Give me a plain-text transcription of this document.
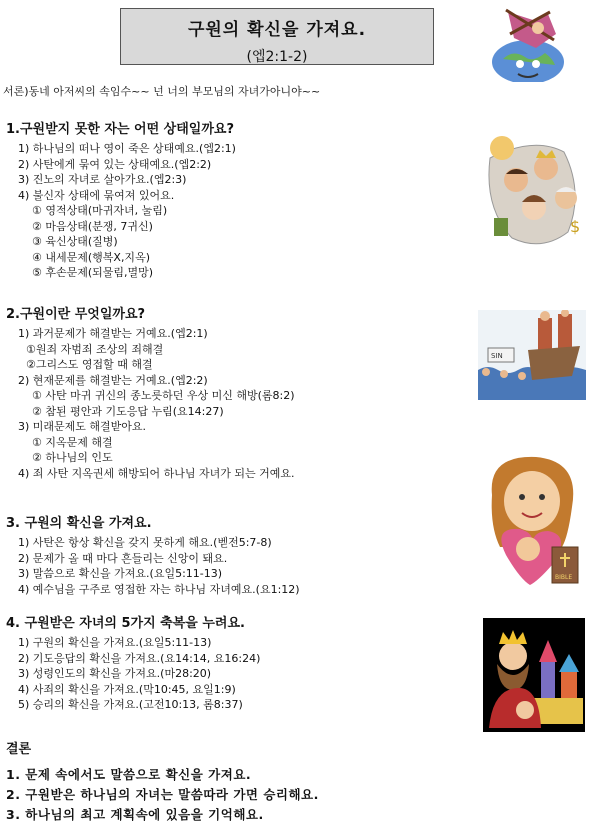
구원의 확신을 가져요.
(엡2:1-2)
서론)동네 아저씨의 속임수~~ 넌 너의 부모님의 자녀가아니야~~
1.구원받지 못한 자는 어떤 상태일까요?
1) 하나님의 떠나 영이 죽은 상태예요.(엡2:1)
2) 사탄에게 묶여 있는 상태예요.(엡2:2)
3) 진노의 자녀로 살아가요.(엡2:3)
4) 불신자 상태에 묶여져 있어요.
① 영적상태(마귀자녀, 눌림)
② 마음상태(분쟁, 7귀신)
③ 육신상태(질병)
④ 내세문제(행복X,지옥)
⑤ 후손문제(되물림,멸망)
2.구원이란 무엇일까요?
1) 과거문제가 해결받는 거예요.(엡2:1)
①원죄 자범죄 조상의 죄해결
②그리스도 영접할 때 해결
2) 현재문제를 해결받는 거예요.(엡2:2)
① 사탄 마귀 귀신의 종노릇하던 우상 미신 해방(롬8:2)
② 참된 평안과 기도응답 누림(요14:27)
3) 미래문제도 해결받아요.
① 지옥문제 해결
② 하나님의 인도
4) 죄 사탄 지옥권세 해방되어 하나님 자녀가 되는 거예요.
3. 구원의 확신을 가져요.
1) 사탄은 항상 확신을 갖지 못하게 해요.(벧전5:7-8)
2) 문제가 올 때 마다 흔들리는 신앙이 돼요.
3) 말씀으로 확신을 가져요.(요일5:11-13)
4) 예수님을 구주로 영접한 자는 하나님 자녀예요.(요1:12)
4. 구원받은 자녀의 5가지 축복을 누려요.
1) 구원의 확신을 가져요.(요일5:11-13)
2) 기도응답의 확신을 가져요.(요14:14, 요16:24)
3) 성령인도의 확신을 가져요.(마28:20)
4) 사죄의 확신을 가져요.(막10:45, 요일1:9)
5) 승리의 확신을 가져요.(고전10:13, 롬8:37)
결론
1. 문제 속에서도 말씀으로 확신을 가져요.
2. 구원받은 하나님의 자녀는 말씀따라 가면 승리해요.
3. 하나님의 최고 계획속에 있음을 기억해요.
$
SIN
BIBLE
